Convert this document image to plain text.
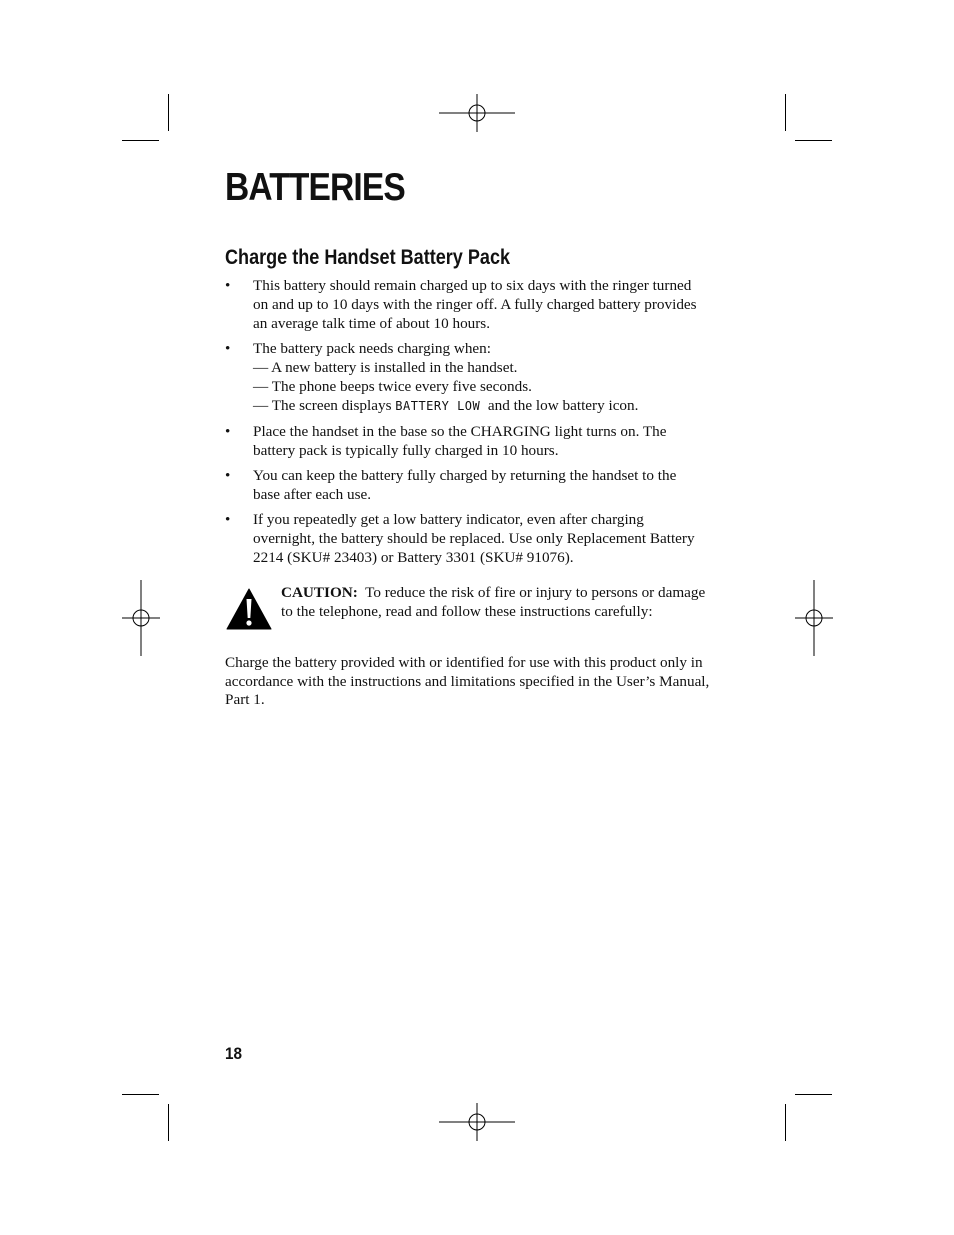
BATTERIES
Charge the Handset Battery Pack
• This battery should remain charged up to six days with the ringer turned on and up to 10 days with the ringer off. A fully charged battery provides an average talk time of about 10 hours.
• The battery pack needs charging when:
— A new battery is installed in the handset.
— The phone beeps twice every five seconds.
— The screen displays BATTERY LOW  and the low battery icon.
• Place the handset in the base so the CHARGING light turns on. The battery pack is typically fully charged in 10 hours.
• You can keep the battery fully charged by returning the handset to the base after each use.
• If you repeatedly get a low battery indicator, even after charging overnight, the battery should be replaced. Use only Replacement Battery 2214 (SKU# 23403) or Battery 3301 (SKU# 91076).
CAUTION:  To reduce the risk of fire or injury to persons or damage to the telephone, read and follow these instructions carefully:
Charge the battery provided with or identified for use with this product only in accordance with the instructions and limitations specified in the User’s Manual, Part 1.
18
